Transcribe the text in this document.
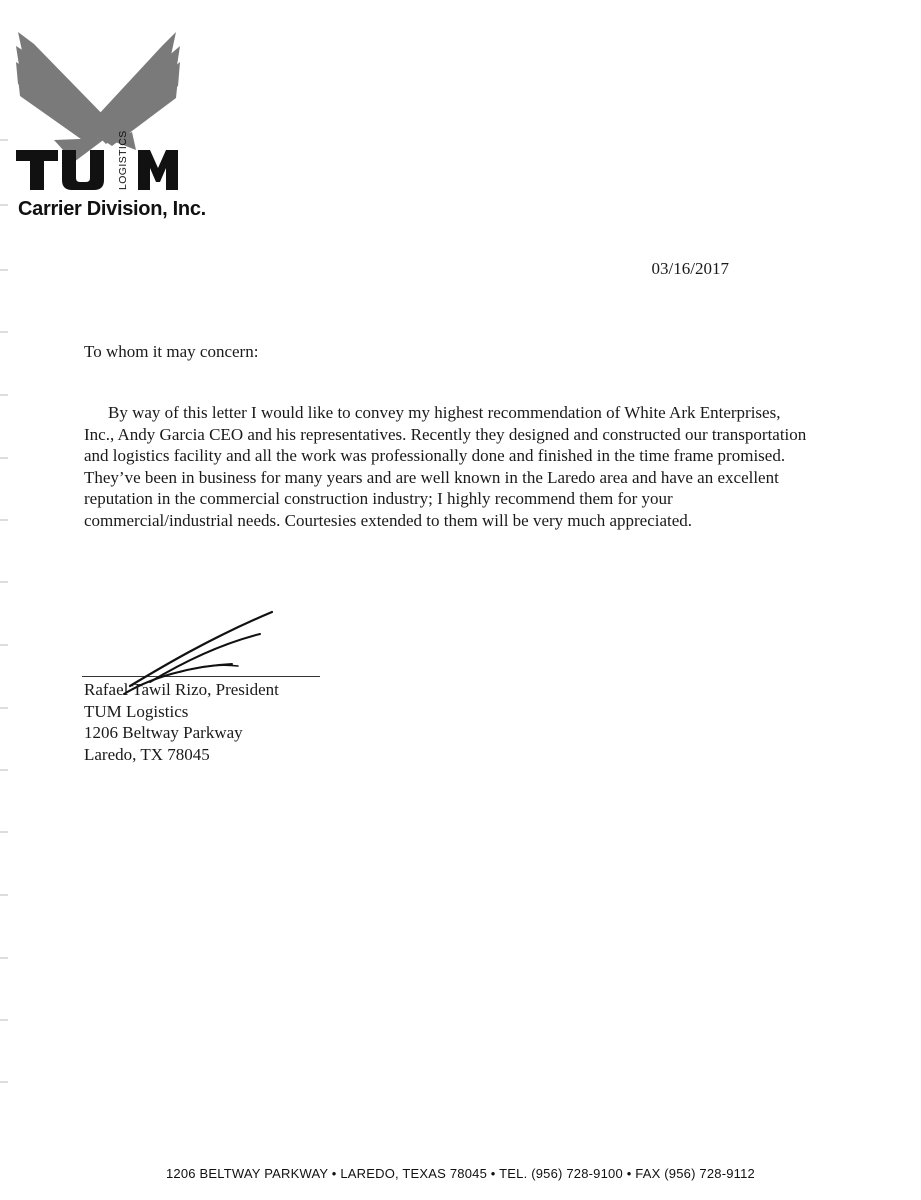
LOGISTICS
Carrier Division, Inc.
03/16/2017
To whom it may concern:

By way of this letter I would like to convey my highest recommendation of White Ark Enterprises, Inc., Andy Garcia CEO and his representatives. Recently they designed and constructed our transportation and logistics facility and all the work was professionally done and finished in the time frame promised. They’ve been in business for many years and are well known in the Laredo area and have an excellent reputation in the commercial construction industry; I highly recommend them for your commercial/industrial needs. Courtesies extended to them will be very much appreciated.

Rafael Tawil Rizo, President
TUM Logistics
1206 Beltway Parkway
Laredo, TX 78045
1206 BELTWAY PARKWAY • LAREDO, TEXAS 78045 • TEL. (956) 728-9100 • FAX (956) 728-9112
